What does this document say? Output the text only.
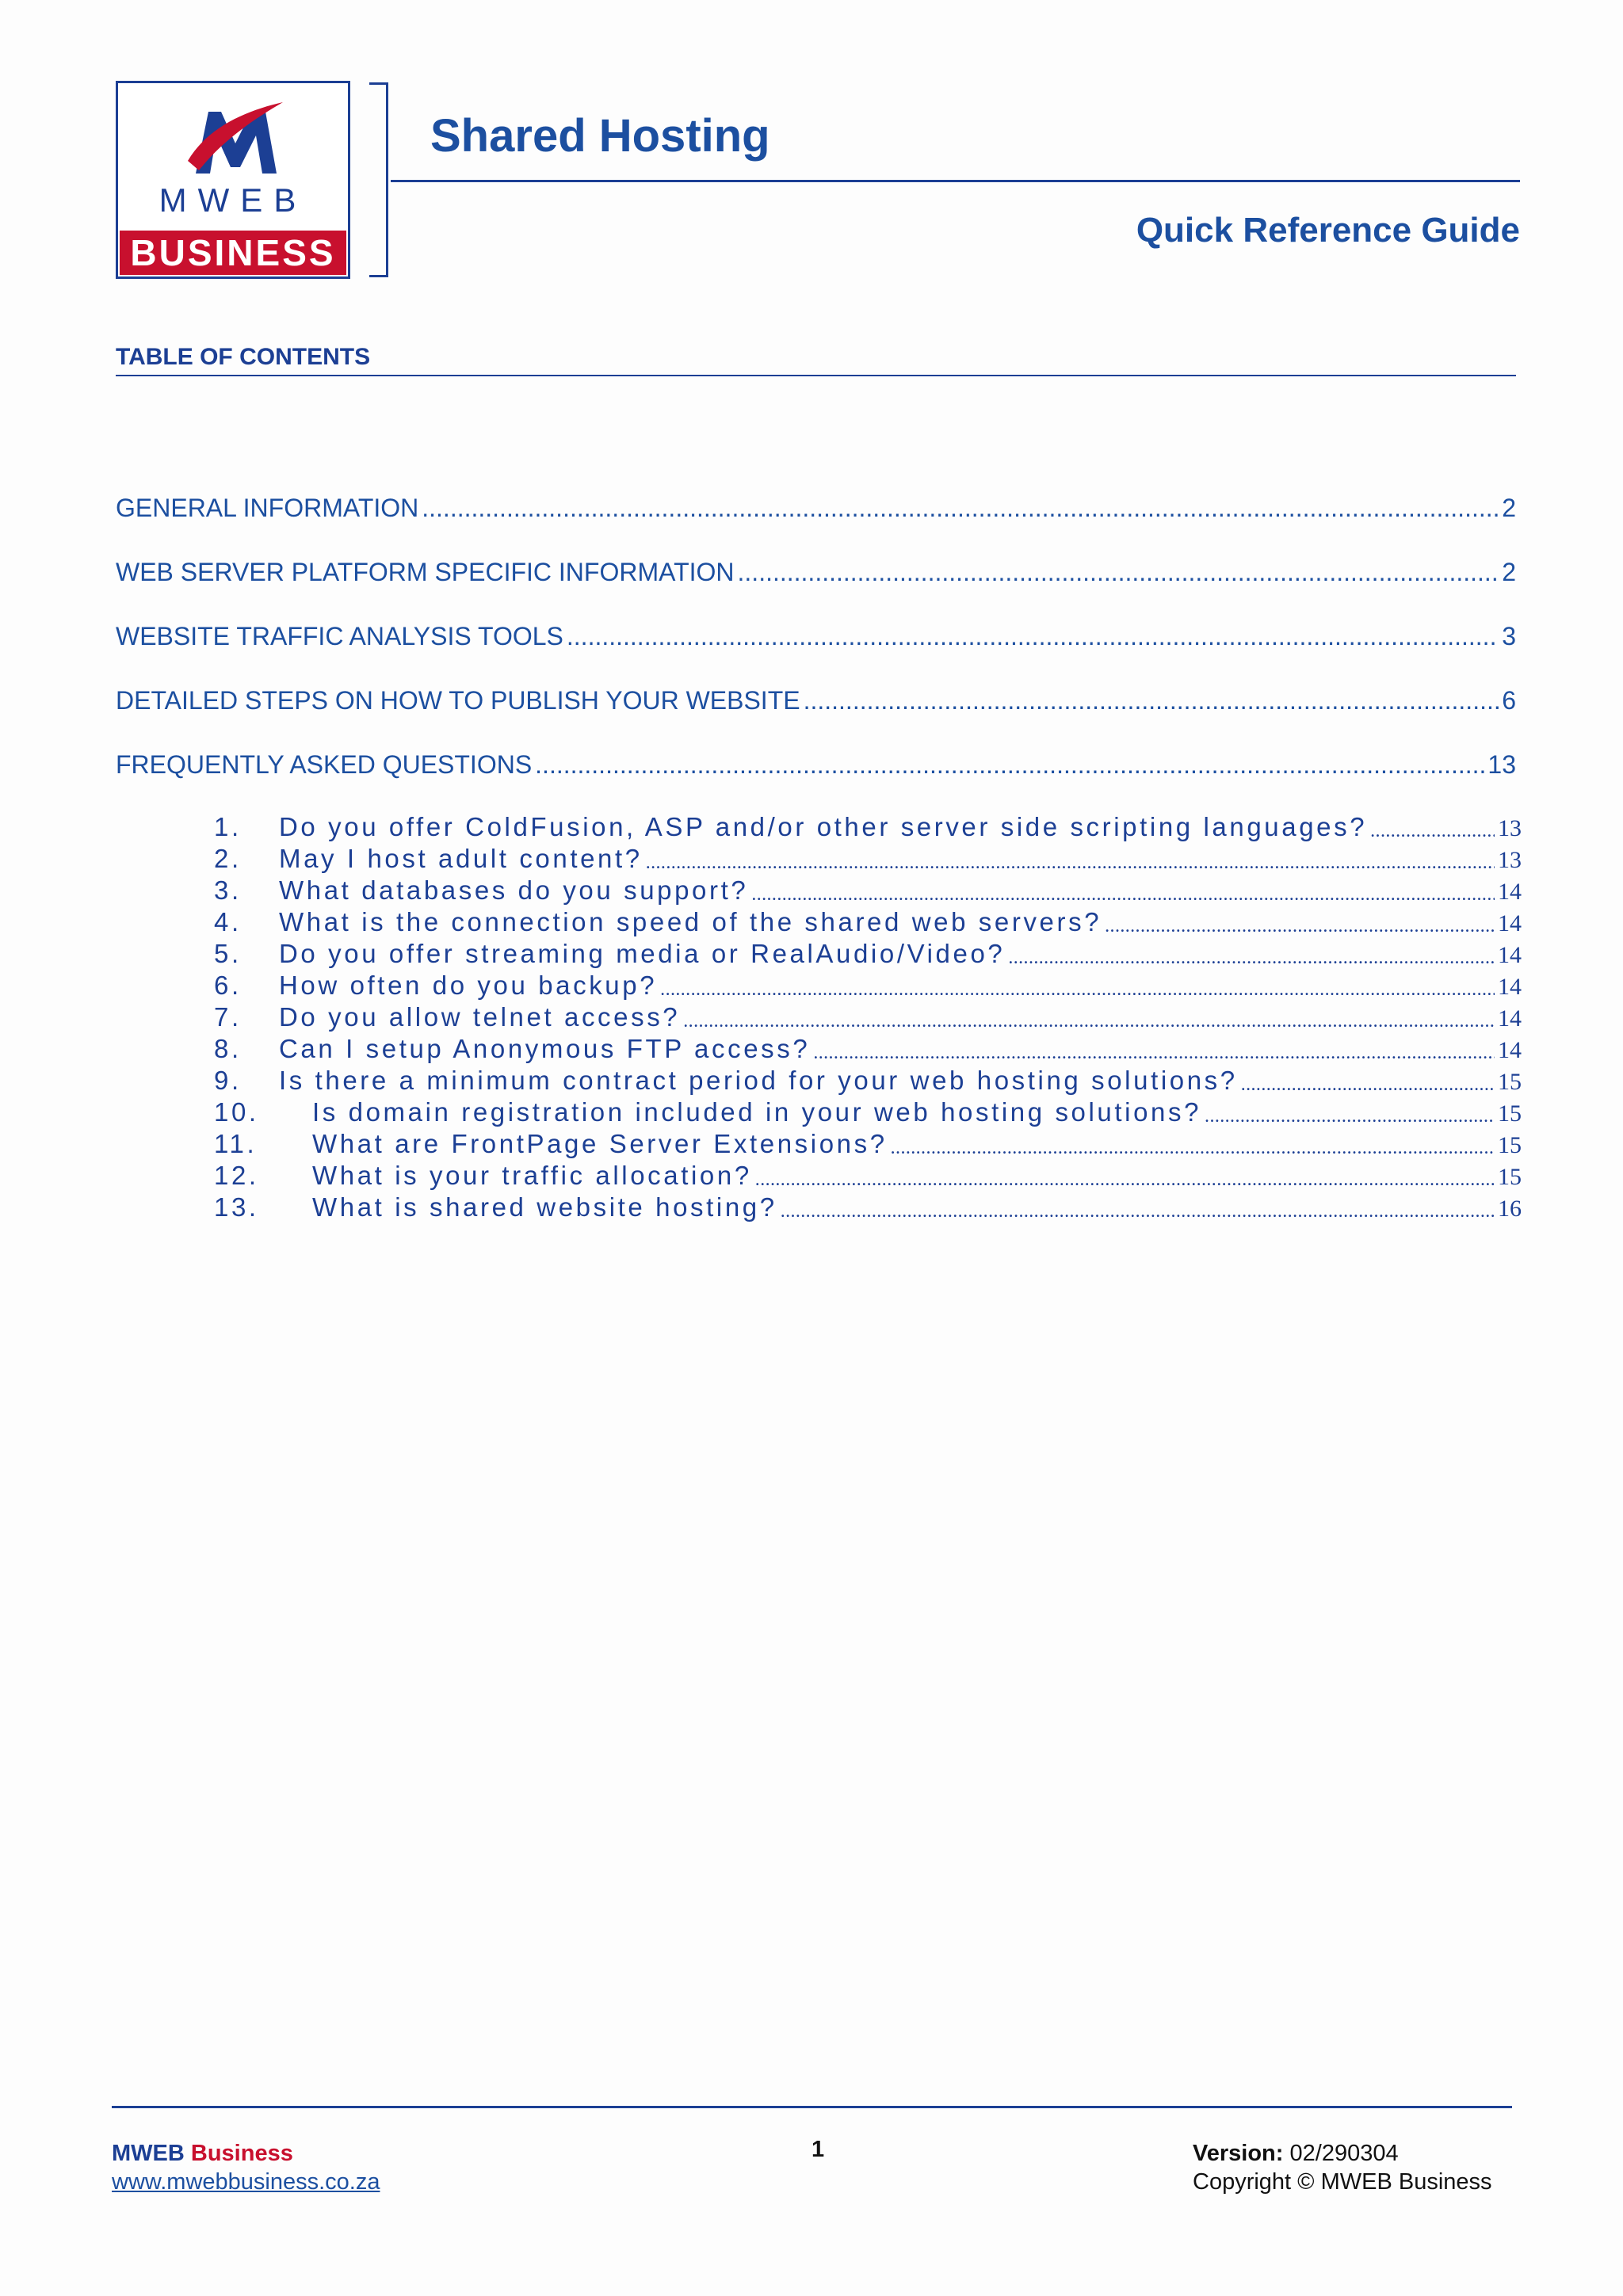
MWEB
BUSINESS
Shared Hosting
Quick Reference Guide
TABLE OF CONTENTS
GENERAL INFORMATION .....	2
WEB SERVER PLATFORM SPECIFIC INFORMATION .....	2
WEBSITE TRAFFIC ANALYSIS TOOLS .....	3
DETAILED STEPS ON HOW TO PUBLISH YOUR WEBSITE .....	6
FREQUENTLY ASKED QUESTIONS .....	13
1.	Do you offer ColdFusion, ASP and/or other server side scripting languages? .....	13
2.	May I host adult content? .....	13
3.	What databases do you support? .....	14
4.	What is the connection speed of the shared web servers? .....	14
5.	Do you offer streaming media or RealAudio/Video? .....	14
6.	How often do you backup? .....	14
7.	Do you allow telnet access? .....	14
8.	Can I setup Anonymous FTP access? .....	14
9.	Is there a minimum contract period for your web hosting solutions? .....	15
10.	Is domain registration included in your web hosting solutions? .....	15
11.	What are FrontPage Server Extensions? .....	15
12.	What is your traffic allocation? .....	15
13.	What is shared website hosting? .....	16
MWEB Business
www.mwebbusiness.co.za
1	Version: 02/290304
Copyright © MWEB Business
